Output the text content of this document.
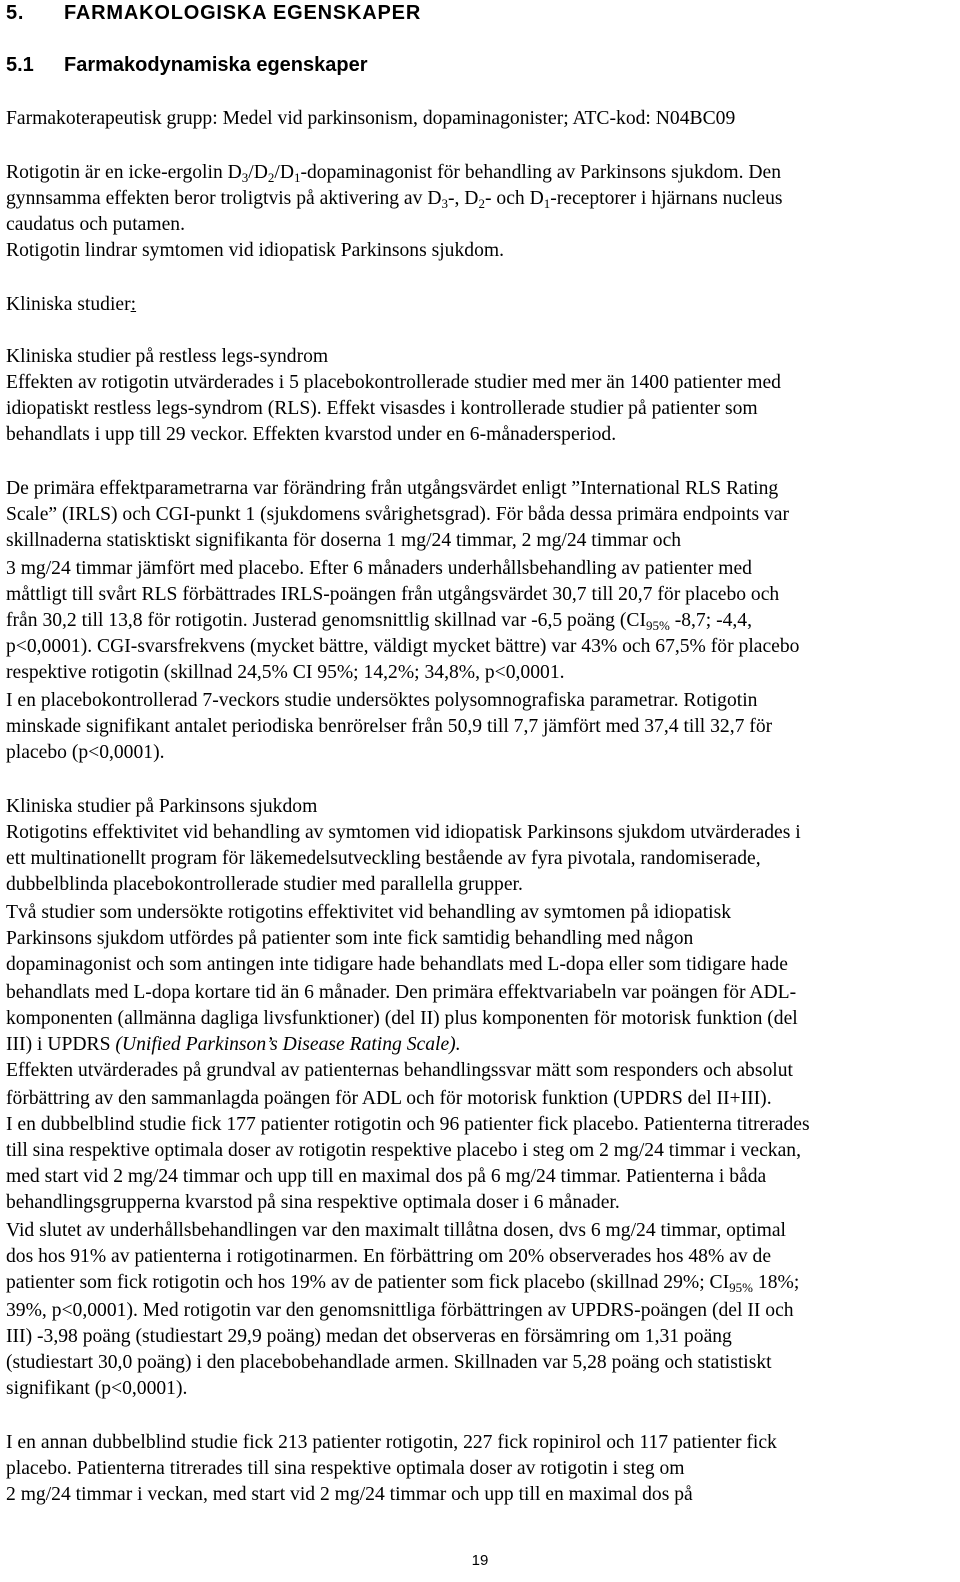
5. FARMAKOLOGISKA EGENSKAPER
5.1 Farmakodynamiska egenskaper
Farmakoterapeutisk grupp: Medel vid parkinsonism, dopaminagonister; ATC-kod: N04BC09
Rotigotin är en icke-ergolin $D_3/D_2/D_1$-dopaminagonist för behandling av Parkinsons sjukdom. Den
gynnsamma effekten beror troligtvis på aktivering av $D_3-$, $D_2-$ och $D_1$-receptorer i hjärnans nucleus
caudatus och putamen.
Rotigotin lindrar symtomen vid idiopatisk Parkinsons sjukdom.
Kliniska studier:
Kliniska studier på restless legs-syndrom
Effekten av rotigotin utvärderades i 5 placebokontrollerade studier med mer än 1400 patienter med
idiopatiskt restless legs-syndrom (RLS). Effekt visasdes i kontrollerade studier på patienter som
behandlats i upp till 29 veckor. Effekten kvarstod under en 6-månadersperiod.
De primära effektparametrarna var förändring från utgångsvärdet enligt ”International RLS Rating
Scale” (IRLS) och CGI-punkt 1 (sjukdomens svårighetsgrad). För båda dessa primära endpoints var
skillnaderna statisktiskt signifikanta för doserna 1 mg/24 timmar, 2 mg/24 timmar och
3 mg/24 timmar jämfört med placebo. Efter 6 månaders underhållsbehandling av patienter med
måttligt till svårt RLS förbättrades IRLS-poängen från utgångsvärdet 30,7 till 20,7 för placebo och
från 30,2 till 13,8 för rotigotin. Justerad genomsnittlig skillnad var -6,5 poäng ($CI_{95\%}$ -8,7; -4,4,
p<0,0001). CGI-svarsfrekvens (mycket bättre, väldigt mycket bättre) var 43% och 67,5% för placebo
respektive rotigotin (skillnad 24,5% CI 95%; 14,2%; 34,8%, p<0,0001.
I en placebokontrollerad 7-veckors studie undersöktes polysomnografiska parametrar. Rotigotin
minskade signifikant antalet periodiska benrörelser från 50,9 till 7,7 jämfört med 37,4 till 32,7 för
placebo (p<0,0001).
Kliniska studier på Parkinsons sjukdom
Rotigotins effektivitet vid behandling av symtomen vid idiopatisk Parkinsons sjukdom utvärderades i
ett multinationellt program för läkemedelsutveckling bestående av fyra pivotala, randomiserade,
dubbelblinda placebokontrollerade studier med parallella grupper.
Två studier som undersökte rotigotins effektivitet vid behandling av symtomen på idiopatisk
Parkinsons sjukdom utfördes på patienter som inte fick samtidig behandling med någon
dopaminagonist och som antingen inte tidigare hade behandlats med L-dopa eller som tidigare hade
behandlats med L-dopa kortare tid än 6 månader. Den primära effektvariabeln var poängen för ADL-
komponenten (allmänna dagliga livsfunktioner) (del II) plus komponenten för motorisk funktion (del
III) i UPDRS (Unified Parkinson’s Disease Rating Scale).
Effekten utvärderades på grundval av patienternas behandlingssvar mätt som responders och absolut
förbättring av den sammanlagda poängen för ADL och för motorisk funktion (UPDRS del II+III).
I en dubbelblind studie fick 177 patienter rotigotin och 96 patienter fick placebo. Patienterna titrerades
till sina respektive optimala doser av rotigotin respektive placebo i steg om 2 mg/24 timmar i veckan,
med start vid 2 mg/24 timmar och upp till en maximal dos på 6 mg/24 timmar. Patienterna i båda
behandlingsgrupperna kvarstod på sina respektive optimala doser i 6 månader.
Vid slutet av underhållsbehandlingen var den maximalt tillåtna dosen, dvs 6 mg/24 timmar, optimal
dos hos 91% av patienterna i rotigotinarmen. En förbättring om 20% observerades hos 48% av de
patienter som fick rotigotin och hos 19% av de patienter som fick placebo (skillnad 29%; $CI_{95\%}$ 18%;
39%, p<0,0001). Med rotigotin var den genomsnittliga förbättringen av UPDRS-poängen (del II och
III) -3,98 poäng (studiestart 29,9 poäng) medan det observeras en försämring om 1,31 poäng
(studiestart 30,0 poäng) i den placebobehandlade armen. Skillnaden var 5,28 poäng och statistiskt
signifikant (p<0,0001).
I en annan dubbelblind studie fick 213 patienter rotigotin, 227 fick ropinirol och 117 patienter fick
placebo. Patienterna titrerades till sina respektive optimala doser av rotigotin i steg om
2 mg/24 timmar i veckan, med start vid 2 mg/24 timmar och upp till en maximal dos på
19
